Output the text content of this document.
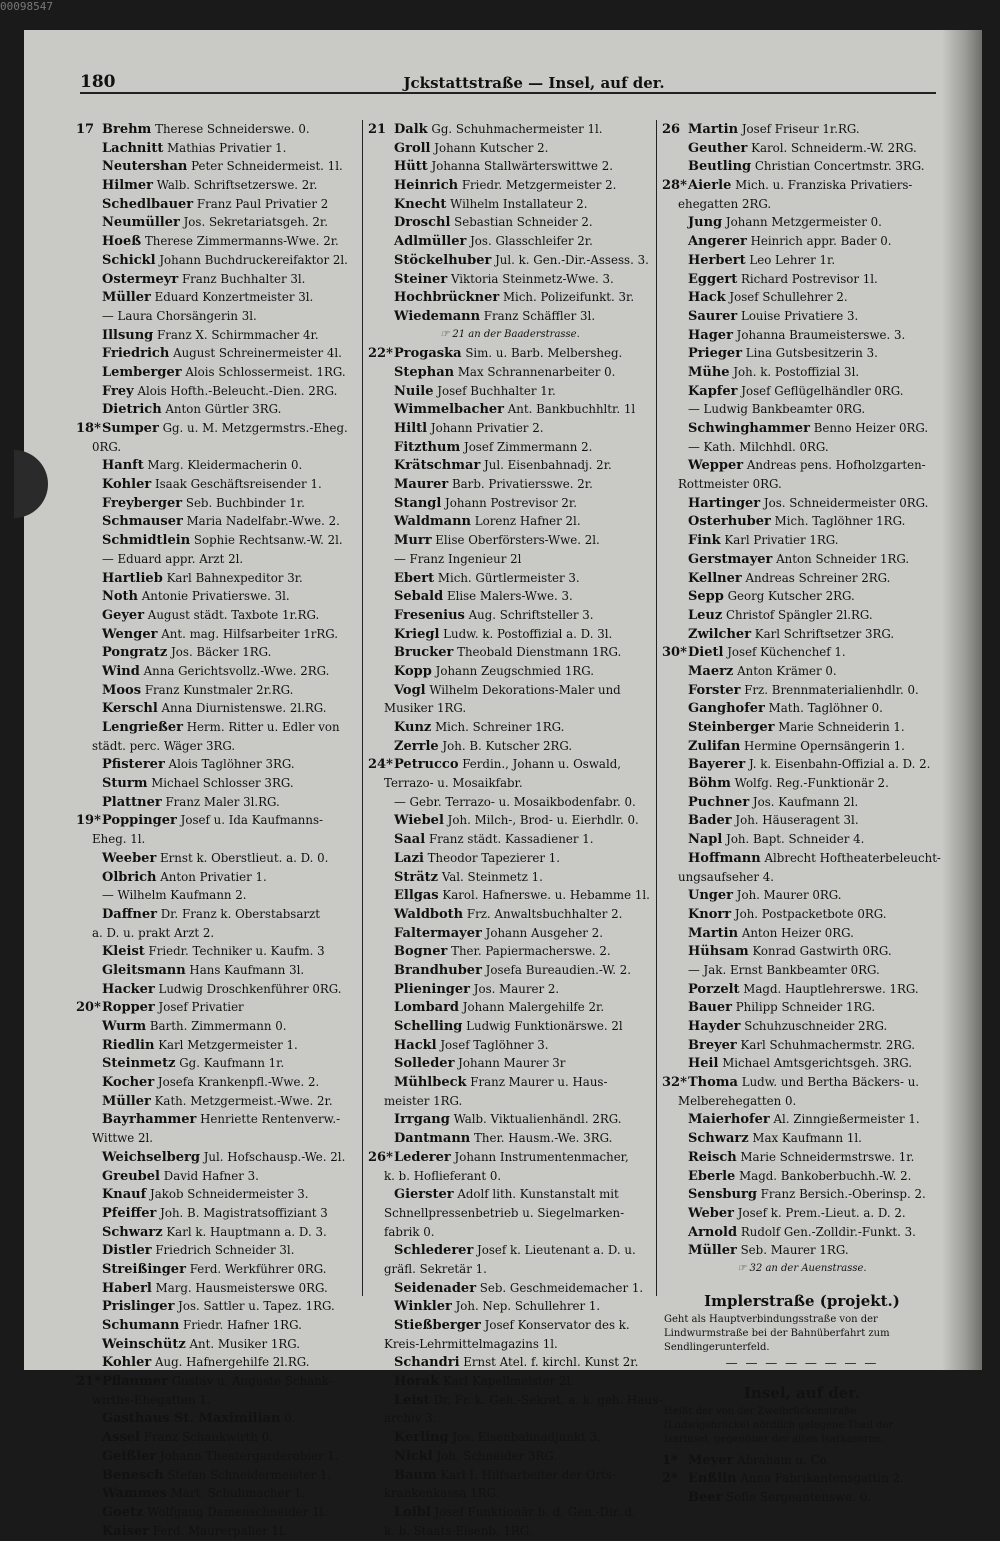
00098547
180	Jckstattstraße — Insel, auf der.
17 Brehm Therese Schneiderswe. 0.
Lachnitt Mathias Privatier 1.
Neutershan Peter Schneidermeist. 1l.
Hilmer Walb. Schriftsetzerswe. 2r.
Schedlbauer Franz Paul Privatier 2
Neumüller Jos. Sekretariatsgeh. 2r.
Hoeß Therese Zimmermanns-Wwe. 2r.
Schickl Johann Buchdruckereifaktor 2l.
Ostermeyr Franz Buchhalter 3l.
Müller Eduard Konzertmeister 3l.
— Laura Chorsängerin 3l.
Illsung Franz X. Schirmmacher 4r.
Friedrich August Schreinermeister 4l.
Lemberger Alois Schlossermeist. 1RG.
Frey Alois Hofth.-Beleucht.-Dien. 2RG.
Dietrich Anton Gürtler 3RG.
18*Sumper Gg. u. M. Metzgermstrs.-Eheg.
0RG.
Hanft Marg. Kleidermacherin 0.
Kohler Isaak Geschäftsreisender 1.
Freyberger Seb. Buchbinder 1r.
Schmauser Maria Nadelfabr.-Wwe. 2.
Schmidtlein Sophie Rechtsanw.-W. 2l.
— Eduard appr. Arzt 2l.
Hartlieb Karl Bahnexpeditor 3r.
Noth Antonie Privatierswe. 3l.
Geyer August städt. Taxbote 1r.RG.
Wenger Ant. mag. Hilfsarbeiter 1rRG.
Pongratz Jos. Bäcker 1RG.
Wind Anna Gerichtsvollz.-Wwe. 2RG.
Moos Franz Kunstmaler 2r.RG.
Kerschl Anna Diurnistenswe. 2l.RG.
Lengrießer Herm. Ritter u. Edler von
städt. perc. Wäger 3RG.
Pfisterer Alois Taglöhner 3RG.
Sturm Michael Schlosser 3RG.
Plattner Franz Maler 3l.RG.
19*Poppinger Josef u. Ida Kaufmanns-
Eheg. 1l.
Weeber Ernst k. Oberstlieut. a. D. 0.
Olbrich Anton Privatier 1.
— Wilhelm Kaufmann 2.
Daffner Dr. Franz k. Oberstabsarzt
a. D. u. prakt Arzt 2.
Kleist Friedr. Techniker u. Kaufm. 3
Gleitsmann Hans Kaufmann 3l.
Hacker Ludwig Droschkenführer 0RG.
20*Ropper Josef Privatier
Wurm Barth. Zimmermann 0.
Riedlin Karl Metzgermeister 1.
Steinmetz Gg. Kaufmann 1r.
Kocher Josefa Krankenpfl.-Wwe. 2.
Müller Kath. Metzgermeist.-Wwe. 2r.
Bayrhammer Henriette Rentenverw.-
Wittwe 2l.
Weichselberg Jul. Hofschausp.-We. 2l.
Greubel David Hafner 3.
Knauf Jakob Schneidermeister 3.
Pfeiffer Joh. B. Magistratsoffiziant 3
Schwarz Karl k. Hauptmann a. D. 3.
Distler Friedrich Schneider 3l.
Streißinger Ferd. Werkführer 0RG.
Haberl Marg. Hausmeisterswe 0RG.
Prislinger Jos. Sattler u. Tapez. 1RG.
Schumann Friedr. Hafner 1RG.
Weinschütz Ant. Musiker 1RG.
Kohler Aug. Hafnergehilfe 2l.RG.
21*Pflaumer Gustav u. Auguste Schank-
wirths-Ehegatten 1.
Gasthaus St. Maximilian 0.
Assel Franz Schankwirth 0.
Geißler Johann Theatergarderobier 1.
Benesch Stefan Schneidermeister 1.
Wammes Mart. Schuhmacher 1.
Goetz Wolfgang Damenschneider 1l.
Kaiser Ferd. Maurerpalier 1l.
21 Dalk Gg. Schuhmachermeister 1l.
Groll Johann Kutscher 2.
Hütt Johanna Stallwärterswittwe 2.
Heinrich Friedr. Metzgermeister 2.
Knecht Wilhelm Installateur 2.
Droschl Sebastian Schneider 2.
Adlmüller Jos. Glasschleifer 2r.
Stöckelhuber Jul. k. Gen.-Dir.-Assess. 3.
Steiner Viktoria Steinmetz-Wwe. 3.
Hochbrückner Mich. Polizeifunkt. 3r.
Wiedemann Franz Schäffler 3l.
☞ 21 an der Baaderstrasse.
22*Progaska Sim. u. Barb. Melbersheg.
Stephan Max Schrannenarbeiter 0.
Nuile Josef Buchhalter 1r.
Wimmelbacher Ant. Bankbuchhltr. 1l
Hiltl Johann Privatier 2.
Fitzthum Josef Zimmermann 2.
Krätschmar Jul. Eisenbahnadj. 2r.
Maurer Barb. Privatiersswe. 2r.
Stangl Johann Postrevisor 2r.
Waldmann Lorenz Hafner 2l.
Murr Elise Oberförsters-Wwe. 2l.
— Franz Ingenieur 2l
Ebert Mich. Gürtlermeister 3.
Sebald Elise Malers-Wwe. 3.
Fresenius Aug. Schriftsteller 3.
Kriegl Ludw. k. Postoffizial a. D. 3l.
Brucker Theobald Dienstmann 1RG.
Kopp Johann Zeugschmied 1RG.
Vogl Wilhelm Dekorations-Maler und
Musiker 1RG.
Kunz Mich. Schreiner 1RG.
Zerrle Joh. B. Kutscher 2RG.
24*Petrucco Ferdin., Johann u. Oswald,
Terrazo- u. Mosaikfabr.
— Gebr. Terrazo- u. Mosaikbodenfabr. 0.
Wiebel Joh. Milch-, Brod- u. Eierhdlr. 0.
Saal Franz städt. Kassadiener 1.
Lazi Theodor Tapezierer 1.
Strätz Val. Steinmetz 1.
Ellgas Karol. Hafnerswe. u. Hebamme 1l.
Waldboth Frz. Anwaltsbuchhalter 2.
Faltermayer Johann Ausgeher 2.
Bogner Ther. Papiermacherswe. 2.
Brandhuber Josefa Bureaudien.-W. 2.
Plieninger Jos. Maurer 2.
Lombard Johann Malergehilfe 2r.
Schelling Ludwig Funktionärswe. 2l
Hackl Josef Taglöhner 3.
Solleder Johann Maurer 3r
Mühlbeck Franz Maurer u. Haus-
meister 1RG.
Irrgang Walb. Viktualienhändl. 2RG.
Dantmann Ther. Hausm.-We. 3RG.
26*Lederer Johann Instrumentenmacher,
k. b. Hoflieferant 0.
Gierster Adolf lith. Kunstanstalt mit
Schnellpressenbetrieb u. Siegelmarken-
fabrik 0.
Schlederer Josef k. Lieutenant a. D. u.
gräfl. Sekretär 1.
Seidenader Seb. Geschmeidemacher 1.
Winkler Joh. Nep. Schullehrer 1.
Stießberger Josef Konservator des k.
Kreis-Lehrmittelmagazins 1l.
Schandri Ernst Atel. f. kirchl. Kunst 2r.
Horak Karl Kapellmeister 2l.
Leist Dr. Fr. k. Geh.-Sekret. a. k. geh. Haus-
archiv 3.
Kerling Jos. Eisenbahnadjunkt 3.
Nickl Joh. Schneider 3RG.
Baum Karl I. Hilfsarbeiter der Orts-
krankenkassa 1RG.
Loibl Josef Funktionär b. d. Gen.-Dir. d.
k. b. Staats-Eisenb. 1RG.
26 Martin Josef Friseur 1r.RG.
Geuther Karol. Schneiderm.-W. 2RG.
Beutling Christian Concertmstr. 3RG.
28*Aierle Mich. u. Franziska Privatiers-
ehegatten 2RG.
Jung Johann Metzgermeister 0.
Angerer Heinrich appr. Bader 0.
Herbert Leo Lehrer 1r.
Eggert Richard Postrevisor 1l.
Hack Josef Schullehrer 2.
Saurer Louise Privatiere 3.
Hager Johanna Braumeisterswe. 3.
Prieger Lina Gutsbesitzerin 3.
Mühe Joh. k. Postoffizial 3l.
Kapfer Josef Geflügelhändler 0RG.
— Ludwig Bankbeamter 0RG.
Schwinghammer Benno Heizer 0RG.
— Kath. Milchhdl. 0RG.
Wepper Andreas pens. Hofholzgarten-
Rottmeister 0RG.
Hartinger Jos. Schneidermeister 0RG.
Osterhuber Mich. Taglöhner 1RG.
Fink Karl Privatier 1RG.
Gerstmayer Anton Schneider 1RG.
Kellner Andreas Schreiner 2RG.
Sepp Georg Kutscher 2RG.
Leuz Christof Spängler 2l.RG.
Zwilcher Karl Schriftsetzer 3RG.
30*Dietl Josef Küchenchef 1.
Maerz Anton Krämer 0.
Forster Frz. Brennmaterialienhdlr. 0.
Ganghofer Math. Taglöhner 0.
Steinberger Marie Schneiderin 1.
Zulifan Hermine Opernsängerin 1.
Bayerer J. k. Eisenbahn-Offizial a. D. 2.
Böhm Wolfg. Reg.-Funktionär 2.
Puchner Jos. Kaufmann 2l.
Bader Joh. Häuseragent 3l.
Napl Joh. Bapt. Schneider 4.
Hoffmann Albrecht Hoftheaterbeleucht-
ungsaufseher 4.
Unger Joh. Maurer 0RG.
Knorr Joh. Postpacketbote 0RG.
Martin Anton Heizer 0RG.
Hühsam Konrad Gastwirth 0RG.
— Jak. Ernst Bankbeamter 0RG.
Porzelt Magd. Hauptlehrerswe. 1RG.
Bauer Philipp Schneider 1RG.
Hayder Schuhzuschneider 2RG.
Breyer Karl Schuhmachermstr. 2RG.
Heil Michael Amtsgerichtsgeh. 3RG.
32*Thoma Ludw. und Bertha Bäckers- u.
Melberehegatten 0.
Maierhofer Al. Zinngießermeister 1.
Schwarz Max Kaufmann 1l.
Reisch Marie Schneidermstrswe. 1r.
Eberle Magd. Bankoberbuchh.-W. 2.
Sensburg Franz Bersich.-Oberinsp. 2.
Weber Josef k. Prem.-Lieut. a. D. 2.
Arnold Rudolf Gen.-Zolldir.-Funkt. 3.
Müller Seb. Maurer 1RG.
☞ 32 an der Auenstrasse.
Implerstraße (projekt.)
Geht als Hauptverbindungsstraße von der Lindwurmstraße bei der Bahnüberfahrt zum Sendlingerunterfeld.
— — — — — — — —
Insel, auf der.
Heißt der von der Zweibrückenstraße (Ludwigsbrücke) nördlich gelegene Theil der Isarinsel, gegenüber der alten Isarkaserne.
1* Meyer Abraham u. Co.
2* Enßlin Anna Fabrikantensgattin 2.
Beer Sofie Sergeantenswe. 0.
